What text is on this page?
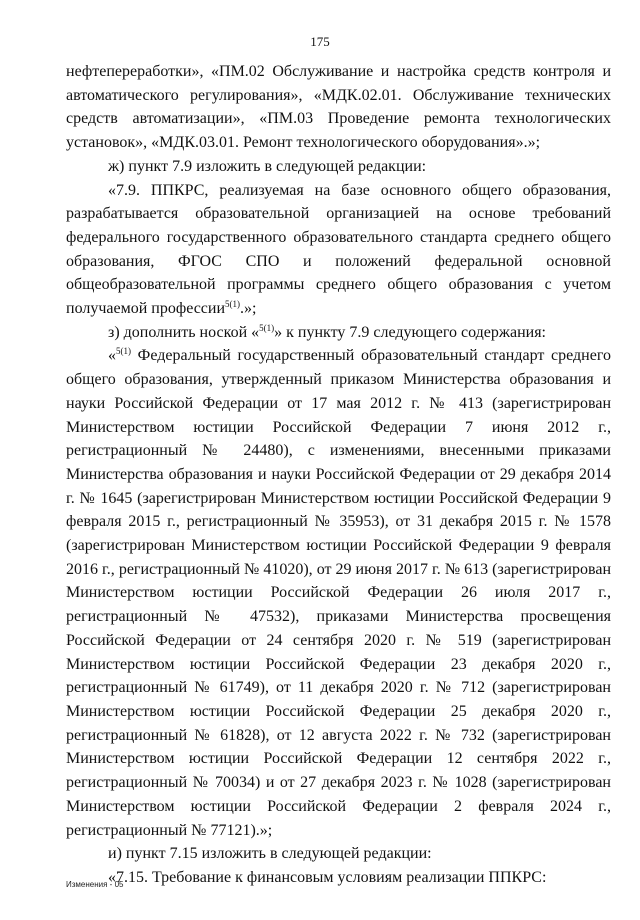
175

нефтепереработки», «ПМ.02 Обслуживание и настройка средств контроля и автоматического регулирования», «МДК.02.01. Обслуживание технических средств автоматизации», «ПМ.03 Проведение ремонта технологических установок», «МДК.03.01. Ремонт технологического оборудования».»;

ж) пункт 7.9 изложить в следующей редакции:

«7.9. ППКРС, реализуемая на базе основного общего образования, разрабатывается образовательной организацией на основе требований федерального государственного образовательного стандарта среднего общего образования, ФГОС СПО и положений федеральной основной общеобразовательной программы среднего общего образования с учетом получаемой профессии$^{5(1)}$.»;

з) дополнить ноской «$^{5(1)}$» к пункту 7.9 следующего содержания:

«$^{5(1)}$ Федеральный государственный образовательный стандарт среднего общего образования, утвержденный приказом Министерства образования и науки Российской Федерации от 17 мая 2012 г. № 413 (зарегистрирован Министерством юстиции Российской Федерации 7 июня 2012 г., регистрационный № 24480), с изменениями, внесенными приказами Министерства образования и науки Российской Федерации от 29 декабря 2014 г. № 1645 (зарегистрирован Министерством юстиции Российской Федерации 9 февраля 2015 г., регистрационный № 35953), от 31 декабря 2015 г. № 1578 (зарегистрирован Министерством юстиции Российской Федерации 9 февраля 2016 г., регистрационный № 41020), от 29 июня 2017 г. № 613 (зарегистрирован Министерством юстиции Российской Федерации 26 июля 2017 г., регистрационный № 47532), приказами Министерства просвещения Российской Федерации от 24 сентября 2020 г. № 519 (зарегистрирован Министерством юстиции Российской Федерации 23 декабря 2020 г., регистрационный № 61749), от 11 декабря 2020 г. № 712 (зарегистрирован Министерством юстиции Российской Федерации 25 декабря 2020 г., регистрационный № 61828), от 12 августа 2022 г. № 732 (зарегистрирован Министерством юстиции Российской Федерации 12 сентября 2022 г., регистрационный № 70034) и от 27 декабря 2023 г. № 1028 (зарегистрирован Министерством юстиции Российской Федерации 2 февраля 2024 г., регистрационный № 77121).»;

и) пункт 7.15 изложить в следующей редакции:

«7.15. Требование к финансовым условиям реализации ППКРС:

Изменения - 05
